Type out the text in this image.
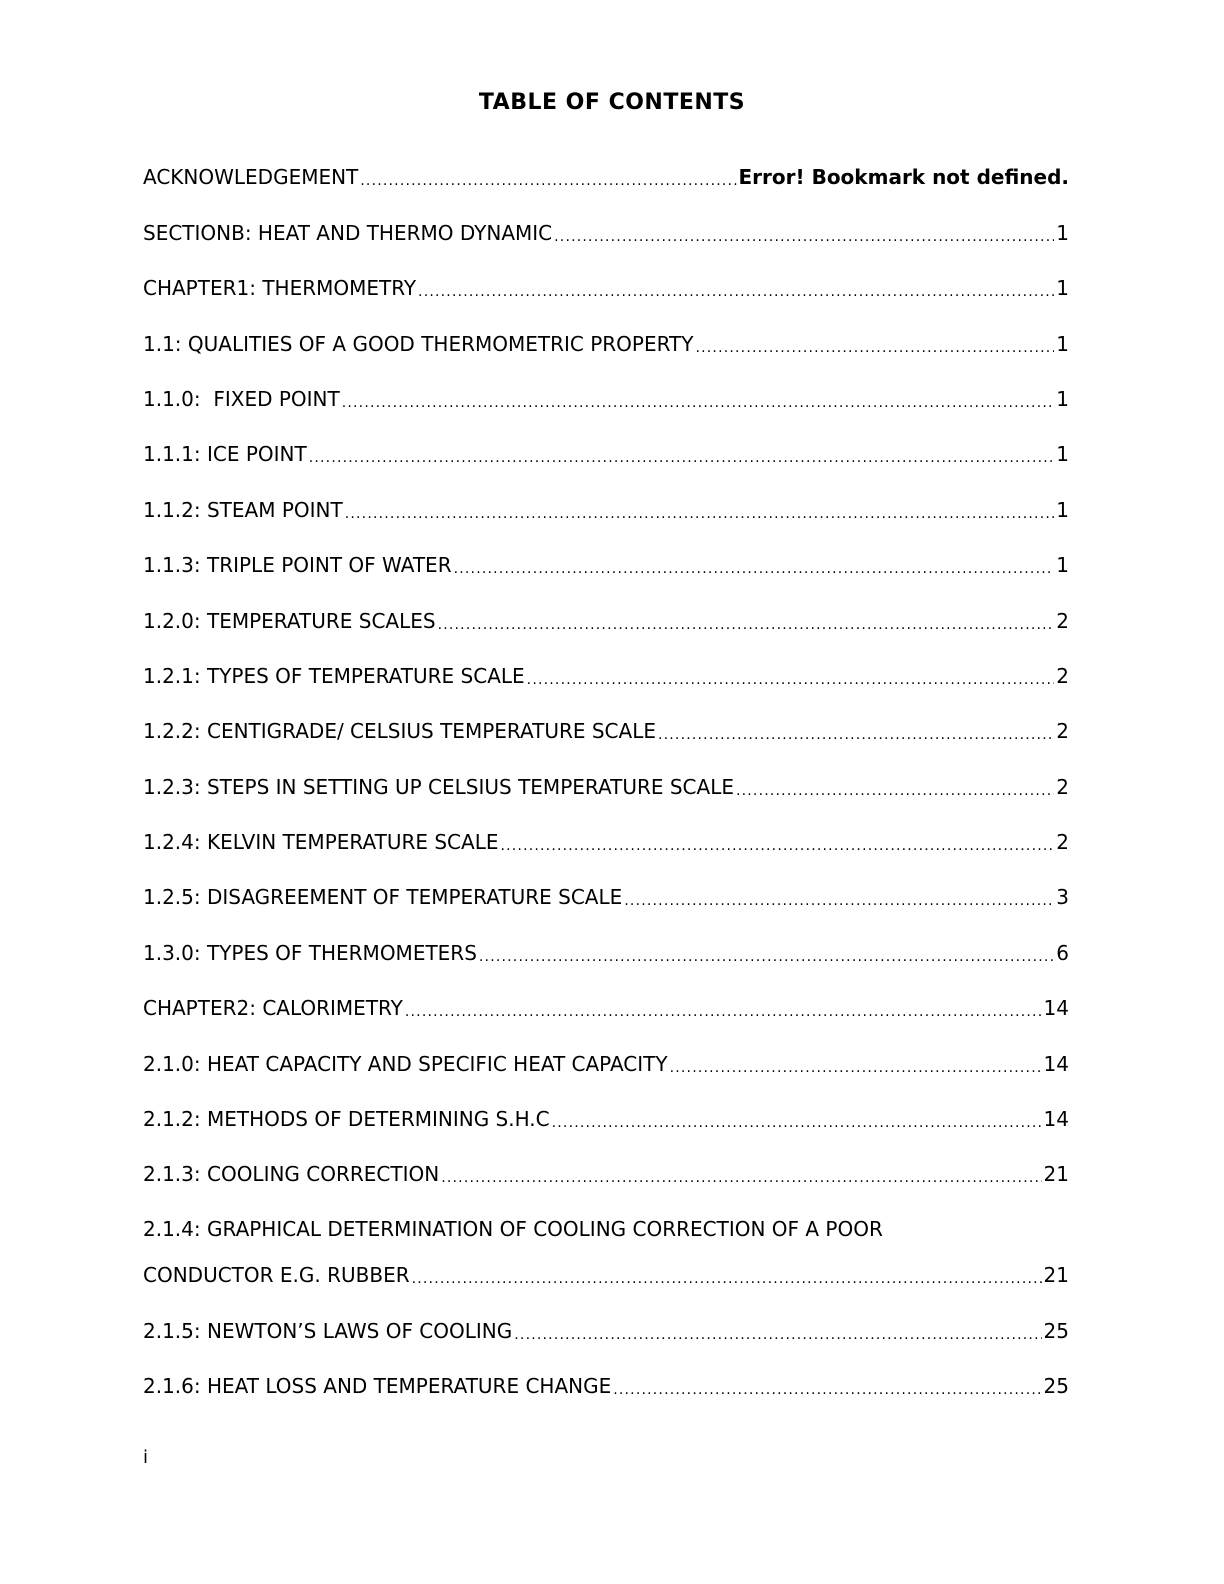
TABLE OF CONTENTS
ACKNOWLEDGEMENT .....	Error! Bookmark not defined.
SECTIONB: HEAT AND THERMO DYNAMIC .....	1
CHAPTER1: THERMOMETRY .....	1
1.1: QUALITIES OF A GOOD THERMOMETRIC PROPERTY .....	1
1.1.0:  FIXED POINT .....	1
1.1.1: ICE POINT .....	1
1.1.2: STEAM POINT .....	1
1.1.3: TRIPLE POINT OF WATER .....	1
1.2.0: TEMPERATURE SCALES .....	2
1.2.1: TYPES OF TEMPERATURE SCALE .....	2
1.2.2: CENTIGRADE/ CELSIUS TEMPERATURE SCALE .....	2
1.2.3: STEPS IN SETTING UP CELSIUS TEMPERATURE SCALE .....	2
1.2.4: KELVIN TEMPERATURE SCALE .....	2
1.2.5: DISAGREEMENT OF TEMPERATURE SCALE .....	3
1.3.0: TYPES OF THERMOMETERS .....	6
CHAPTER2: CALORIMETRY .....	14
2.1.0: HEAT CAPACITY AND SPECIFIC HEAT CAPACITY .....	14
2.1.2: METHODS OF DETERMINING S.H.C .....	14
2.1.3: COOLING CORRECTION .....	21
2.1.4: GRAPHICAL DETERMINATION OF COOLING CORRECTION OF A POOR
CONDUCTOR E.G. RUBBER .....	21
2.1.5: NEWTON’S LAWS OF COOLING .....	25
2.1.6: HEAT LOSS AND TEMPERATURE CHANGE .....	25
i
